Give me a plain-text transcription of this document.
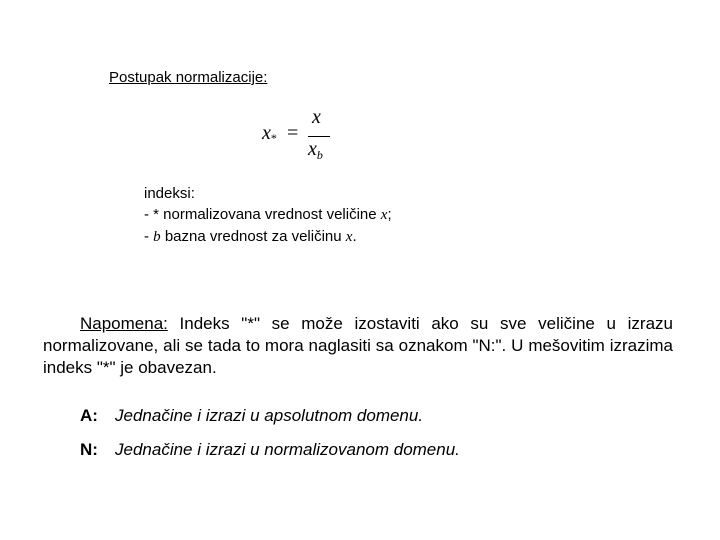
Postupak normalizacije:
$x_*$ =
x
$x_b$
indeksi:
- * normalizovana vrednost veličine x;
- b bazna vrednost za veličinu x.
Napomena: Indeks "*" se može izostaviti ako su sve veličine u izrazu normalizovane, ali se tada to mora naglasiti sa oznakom "N:". U mešovitim izrazima indeks "*" je obavezan.
A: Jednačine i izrazi u apsolutnom domenu.
N: Jednačine i izrazi u normalizovanom domenu.
